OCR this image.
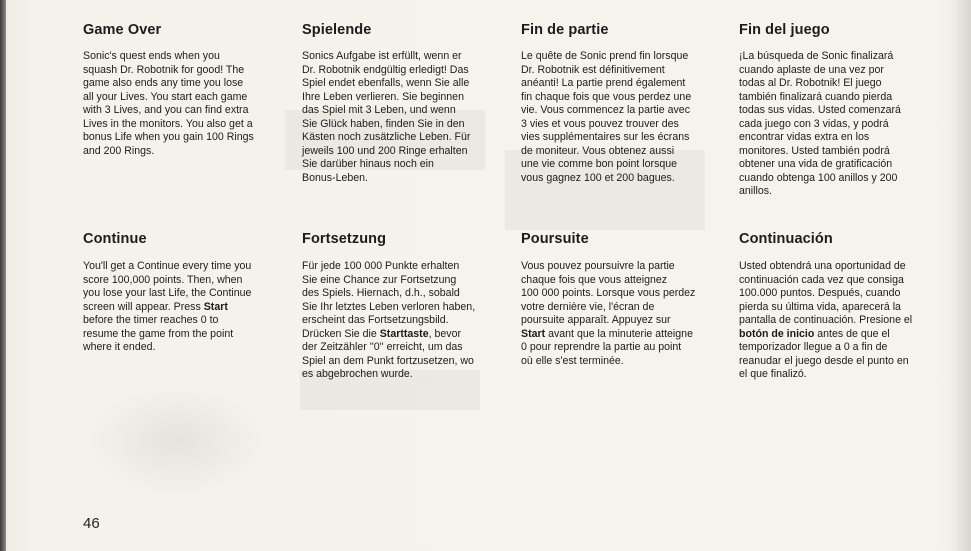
Game Over

Sonic's quest ends when you
squash Dr. Robotnik for good! The
game also ends any time you lose
all your Lives. You start each game
with 3 Lives, and you can find extra
Lives in the monitors. You also get a
bonus Life when you gain 100 Rings
and 200 Rings.

Continue

You'll get a Continue every time you
score 100,000 points. Then, when
you lose your last Life, the Continue
screen will appear. Press Start
before the timer reaches 0 to
resume the game from the point
where it ended.

Spielende

Sonics Aufgabe ist erfüllt, wenn er
Dr. Robotnik endgültig erledigt! Das
Spiel endet ebenfalls, wenn Sie alle
Ihre Leben verlieren. Sie beginnen
das Spiel mit 3 Leben, und wenn
Sie Glück haben, finden Sie in den
Kästen noch zusätzliche Leben. Für
jeweils 100 und 200 Ringe erhalten
Sie darüber hinaus noch ein
Bonus-Leben.

Fortsetzung

Für jede 100 000 Punkte erhalten
Sie eine Chance zur Fortsetzung
des Spiels. Hiernach, d.h., sobald
Sie Ihr letztes Leben verloren haben,
erscheint das Fortsetzungsbild.
Drücken Sie die Starttaste, bevor
der Zeitzähler ''0'' erreicht, um das
Spiel an dem Punkt fortzusetzen, wo
es abgebrochen wurde.

Fin de partie

Le quête de Sonic prend fin lorsque
Dr. Robotnik est définitivement
anéanti! La partie prend également
fin chaque fois que vous perdez une
vie. Vous commencez la partie avec
3 vies et vous pouvez trouver des
vies supplémentaires sur les écrans
de moniteur. Vous obtenez aussi
une vie comme bon point lorsque
vous gagnez 100 et 200 bagues.

Poursuite

Vous pouvez poursuivre la partie
chaque fois que vous atteignez
100 000 points. Lorsque vous perdez
votre dernière vie, l'écran de
poursuite apparaît. Appuyez sur
Start avant que la minuterie atteigne
0 pour reprendre la partie au point
où elle s'est terminée.

Fin del juego

¡La búsqueda de Sonic finalizará
cuando aplaste de una vez por
todas al Dr. Robotnik! El juego
también finalizará cuando pierda
todas sus vidas. Usted comenzará
cada juego con 3 vidas, y podrá
encontrar vidas extra en los
monitores. Usted también podrá
obtener una vida de gratificación
cuando obtenga 100 anillos y 200
anillos.

Continuación

Usted obtendrá una oportunidad de
continuación cada vez que consiga
100.000 puntos. Después, cuando
pierda su última vida, aparecerá la
pantalla de continuación. Presione el
botón de inicio antes de que el
temporizador llegue a 0 a fin de
reanudar el juego desde el punto en
el que finalizó.

46
